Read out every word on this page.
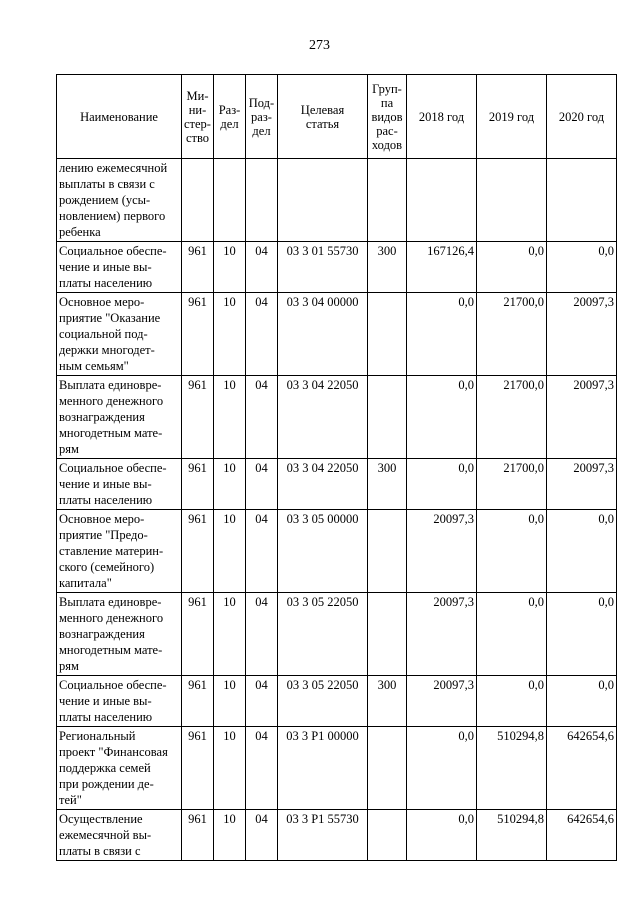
273
Наименование	Ми-
ни-
стер-
ство	Раз-
дел	Под-
раз-
дел	Целевая
статья	Груп-
па
видов
рас-
ходов	2018 год	2019 год	2020 год
лению ежемесячной
выплаты в связи с
рождением (усы-
новлением) первого
ребенка								
Социальное обеспе-
чение и иные вы-
платы населению	961	10	04	03 3 01 55730	300	167126,4	0,0	0,0
Основное меро-
приятие "Оказание
социальной под-
держки многодет-
ным семьям"	961	10	04	03 3 04 00000		0,0	21700,0	20097,3
Выплата единовре-
менного денежного
вознаграждения
многодетным мате-
рям	961	10	04	03 3 04 22050		0,0	21700,0	20097,3
Социальное обеспе-
чение и иные вы-
платы населению	961	10	04	03 3 04 22050	300	0,0	21700,0	20097,3
Основное меро-
приятие "Предо-
ставление материн-
ского (семейного)
капитала"	961	10	04	03 3 05 00000		20097,3	0,0	0,0
Выплата единовре-
менного денежного
вознаграждения
многодетным мате-
рям	961	10	04	03 3 05 22050		20097,3	0,0	0,0
Социальное обеспе-
чение и иные вы-
платы населению	961	10	04	03 3 05 22050	300	20097,3	0,0	0,0
Региональный
проект "Финансовая
поддержка семей
при рождении де-
тей"	961	10	04	03 3 P1 00000		0,0	510294,8	642654,6
Осуществление
ежемесячной вы-
платы в связи с	961	10	04	03 3 P1 55730		0,0	510294,8	642654,6
